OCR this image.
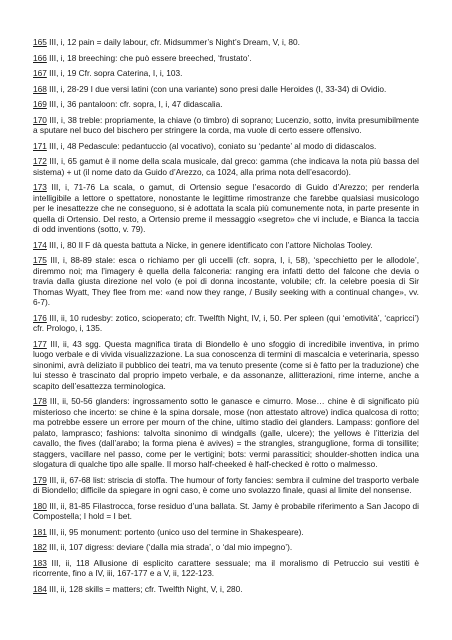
165 III, i, 12 pain = daily labour, cfr. Midsummer’s Night’s Dream, V, i, 80.

166 III, i, 18 breeching: che può essere breeched, ‘frustato’.

167 III, i, 19 Cfr. sopra Caterina, I, i, 103.

168 III, i, 28-29 I due versi latini (con una variante) sono presi dalle Heroides (I, 33-34) di Ovidio.

169 III, i, 36 pantaloon: cfr. sopra, I, i, 47 didascalia.

170 III, i, 38 treble: propriamente, la chiave (o timbro) di soprano; Lucenzio, sotto, invita presumibilmente a sputare nel buco del bischero per stringere la corda, ma vuole di certo essere offensivo.

171 III, i, 48 Pedascule: pedantuccio (al vocativo), coniato su ‘pedante’ al modo di didascalos.

172 III, i, 65 gamut è il nome della scala musicale, dal greco: gamma (che indicava la nota più bassa del sistema) + ut (il nome dato da Guido d’Arezzo, ca 1024, alla prima nota dell’esacordo).

173 III, i, 71-76 La scala, o gamut, di Ortensio segue l’esacordo di Guido d’Arezzo; per renderla intelligibile a lettore o spettatore, nonostante le legittime rimostranze che farebbe qualsiasi musicologo per le inesattezze che ne conseguono, si è adottata la scala più comunemente nota, in parte presente in quella di Ortensio. Del resto, a Ortensio preme il messaggio «segreto» che vi include, e Bianca la taccia di odd inventions (sotto, v. 79).

174 III, i, 80 Il F dà questa battuta a Nicke, in genere identificato con l’attore Nicholas Tooley.

175 III, i, 88-89 stale: esca o richiamo per gli uccelli (cfr. sopra, I, i, 58), ‘specchietto per le allodole’, diremmo noi; ma l’imagery è quella della falconeria: ranging era infatti detto del falcone che devia o travia dalla giusta direzione nel volo (e poi di donna incostante, volubile; cfr. la celebre poesia di Sir Thomas Wyatt, They flee from me: «and now they range, / Busily seeking with a continual change», vv. 6-7).

176 III, ii, 10 rudesby: zotico, scioperato; cfr. Twelfth Night, IV, i, 50. Per spleen (qui ‘emotività’, ‘capricci’) cfr. Prologo, i, 135.

177 III, ii, 43 sgg. Questa magnifica tirata di Biondello è uno sfoggio di incredibile inventiva, in primo luogo verbale e di vivida visualizzazione. La sua conoscenza di termini di mascalcia e veterinaria, spesso sinonimi, avrà deliziato il pubblico dei teatri, ma va tenuto presente (come si è fatto per la traduzione) che lui stesso è trascinato dal proprio impeto verbale, e da assonanze, allitterazioni, rime interne, anche a scapito dell’esattezza terminologica.

178 III, ii, 50-56 glanders: ingrossamento sotto le ganasce e cimurro. Mose… chine è di significato più misterioso che incerto: se chine è la spina dorsale, mose (non attestato altrove) indica qualcosa di rotto; ma potrebbe essere un errore per mourn of the chine, ultimo stadio dei glanders. Lampass: gonfiore del palato, lamprasco; fashions: talvolta sinonimo di windgalls (galle, ulcere); the yellows è l’itterizia del cavallo, the fives (dall’arabo; la forma piena è avives) = the strangles, stranguglione, forma di tonsillite; staggers, vacillare nel passo, come per le vertigini; bots: vermi parassitici; shoulder-shotten indica una slogatura di qualche tipo alle spalle. Il morso half-cheeked è half-checked è rotto o malmesso.

179 III, ii, 67-68 list: striscia di stoffa. The humour of forty fancies: sembra il culmine del trasporto verbale di Biondello; difficile da spiegare in ogni caso, è come uno svolazzo finale, quasi al limite del nonsense.

180 III, ii, 81-85 Filastrocca, forse residuo d’una ballata. St. Jamy è probabile riferimento a San Jacopo di Compostella; I hold = I bet.

181 III, ii, 95 monument: portento (unico uso del termine in Shakespeare).

182 III, ii, 107 digress: deviare (‘dalla mia strada’, o ‘dal mio impegno’).

183 III, ii, 118 Allusione di esplicito carattere sessuale; ma il moralismo di Petruccio sui vestiti è ricorrente, fino a IV, iii, 167-177 e a V, ii, 122-123.

184 III, ii, 128 skills = matters; cfr. Twelfth Night, V, i, 280.
